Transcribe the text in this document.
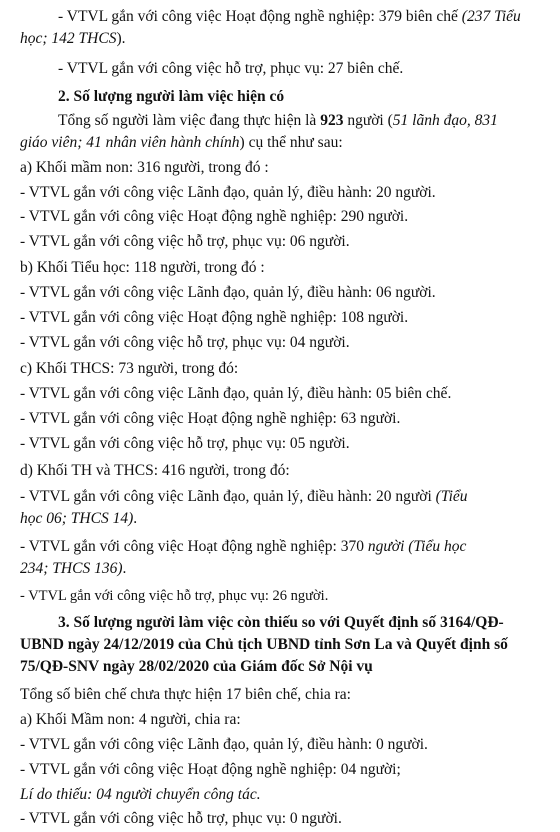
- VTVL gắn với công việc Hoạt động nghề nghiệp: 379 biên chế (237 Tiểu
học; 142 THCS).
- VTVL gắn với công việc hỗ trợ, phục vụ: 27 biên chế.
2. Số lượng người làm việc hiện có
Tổng số người làm việc đang thực hiện là 923 người (51 lãnh đạo, 831
giáo viên; 41 nhân viên hành chính) cụ thể như sau:
a) Khối mầm non: 316 người, trong đó :
- VTVL gắn với công việc Lãnh đạo, quản lý, điều hành: 20 người.
- VTVL gắn với công việc Hoạt động nghề nghiệp: 290 người.
- VTVL gắn với công việc hỗ trợ, phục vụ: 06 người.
b) Khối Tiểu học: 118 người, trong đó :
- VTVL gắn với công việc Lãnh đạo, quản lý, điều hành: 06 người.
- VTVL gắn với công việc Hoạt động nghề nghiệp: 108 người.
- VTVL gắn với công việc hỗ trợ, phục vụ: 04 người.
c) Khối THCS: 73 người, trong đó:
- VTVL gắn với công việc Lãnh đạo, quản lý, điều hành: 05 biên chế.
- VTVL gắn với công việc Hoạt động nghề nghiệp: 63 người.
- VTVL gắn với công việc hỗ trợ, phục vụ: 05 người.
d) Khối TH và THCS: 416 người, trong đó:
- VTVL gắn với công việc Lãnh đạo, quản lý, điều hành: 20 người (Tiểu
học 06; THCS 14).
- VTVL gắn với công việc Hoạt động nghề nghiệp: 370 người (Tiểu học
234; THCS 136).
- VTVL gắn với công việc hỗ trợ, phục vụ: 26 người.
3. Số lượng người làm việc còn thiếu so với Quyết định số 3164/QĐ-
UBND ngày 24/12/2019 của Chủ tịch UBND tỉnh Sơn La và Quyết định số
75/QĐ-SNV ngày 28/02/2020 của Giám đốc Sở Nội vụ
Tổng số biên chế chưa thực hiện 17 biên chế, chia ra:
a) Khối Mầm non: 4 người, chia ra:
- VTVL gắn với công việc Lãnh đạo, quản lý, điều hành: 0 người.
- VTVL gắn với công việc Hoạt động nghề nghiệp: 04 người;
Lí do thiếu: 04 người chuyển công tác.
- VTVL gắn với công việc hỗ trợ, phục vụ: 0 người.
